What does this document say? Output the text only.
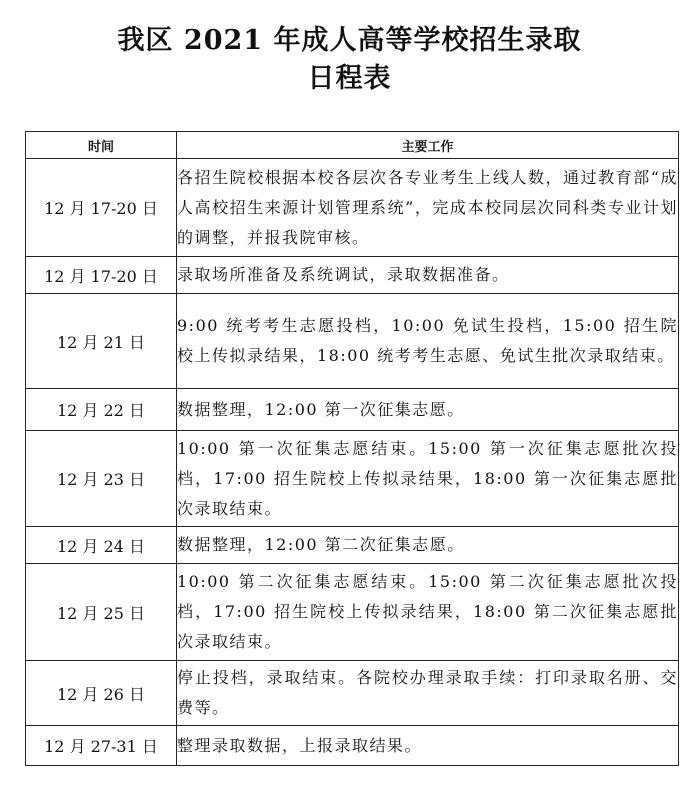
我区 2021 年成人高等学校招生录取
日程表
时间	主要工作
12 月 17-20 日	各招生院校根据本校各层次各专业考生上线人数，通过教育部“成人高校招生来源计划管理系统”，完成本校同层次同科类专业计划的调整，并报我院审核。
12 月 17-20 日	录取场所准备及系统调试，录取数据准备。
12 月 21 日	9:00 统考考生志愿投档，10:00 免试生投档，15:00 招生院校上传拟录结果，18:00 统考考生志愿、免试生批次录取结束。
12 月 22 日	数据整理，12:00 第一次征集志愿。
12 月 23 日	10:00 第一次征集志愿结束。15:00 第一次征集志愿批次投档，17:00 招生院校上传拟录结果，18:00 第一次征集志愿批次录取结束。
12 月 24 日	数据整理，12:00 第二次征集志愿。
12 月 25 日	10:00 第二次征集志愿结束。15:00 第二次征集志愿批次投档，17:00 招生院校上传拟录结果，18:00 第二次征集志愿批次录取结束。
12 月 26 日	停止投档，录取结束。各院校办理录取手续：打印录取名册、交费等。
12 月 27-31 日	整理录取数据，上报录取结果。
